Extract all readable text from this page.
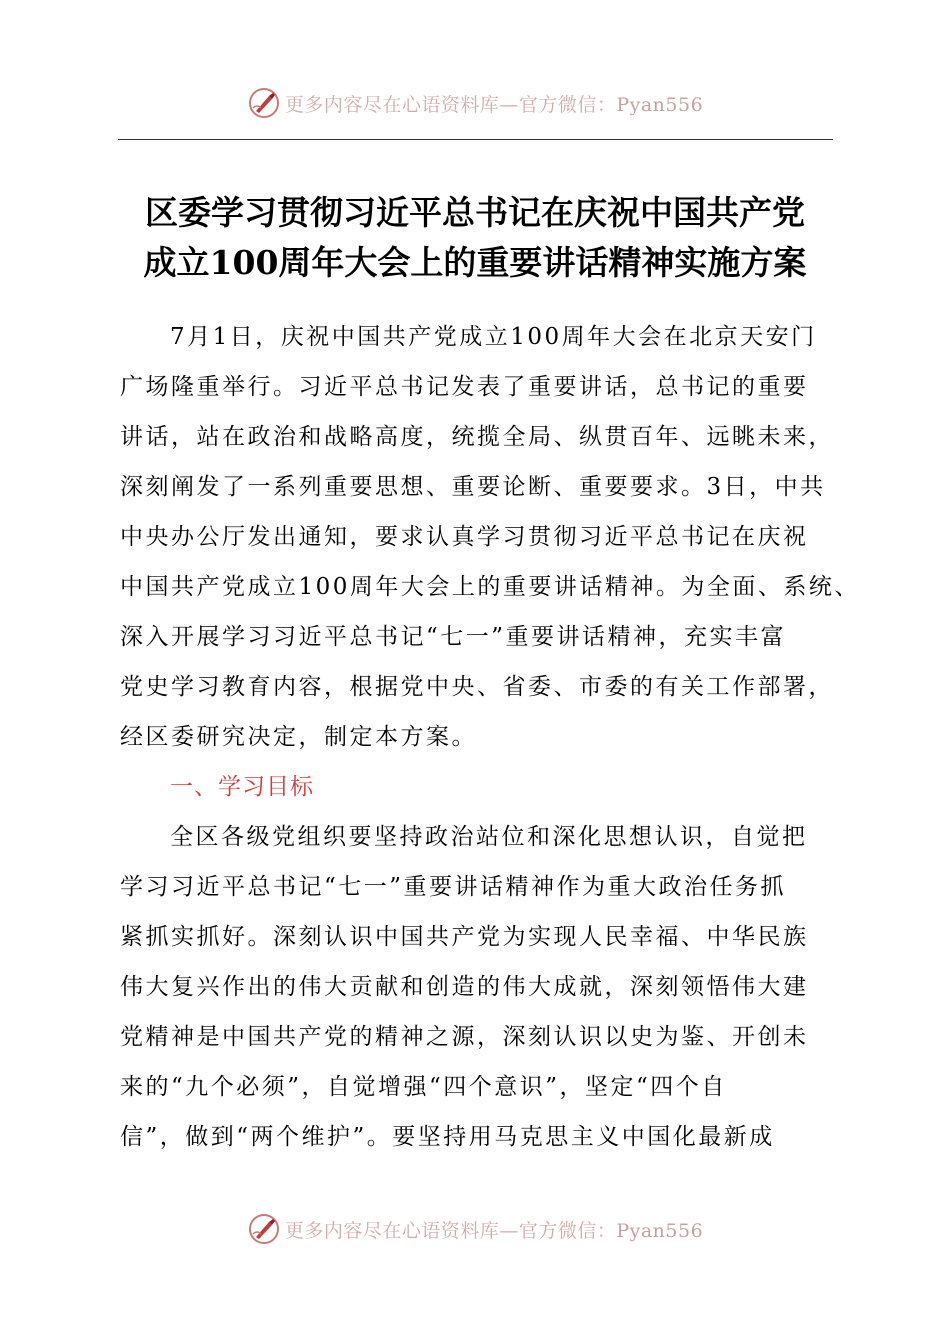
更多内容尽在心语资料库—官方微信：Pyan556
区委学习贯彻习近平总书记在庆祝中国共产党
成立100周年大会上的重要讲话精神实施方案

7月1日，庆祝中国共产党成立100周年大会在北京天安门
广场隆重举行。习近平总书记发表了重要讲话，总书记的重要
讲话，站在政治和战略高度，统揽全局、纵贯百年、远眺未来，
深刻阐发了一系列重要思想、重要论断、重要要求。3日，中共
中央办公厅发出通知，要求认真学习贯彻习近平总书记在庆祝
中国共产党成立100周年大会上的重要讲话精神。为全面、系统、
深入开展学习习近平总书记“七一”重要讲话精神，充实丰富
党史学习教育内容，根据党中央、省委、市委的有关工作部署，
经区委研究决定，制定本方案。

一、学习目标

全区各级党组织要坚持政治站位和深化思想认识，自觉把
学习习近平总书记“七一”重要讲话精神作为重大政治任务抓
紧抓实抓好。深刻认识中国共产党为实现人民幸福、中华民族
伟大复兴作出的伟大贡献和创造的伟大成就，深刻领悟伟大建
党精神是中国共产党的精神之源，深刻认识以史为鉴、开创未
来的“九个必须”，自觉增强“四个意识”，坚定“四个自
信”，做到“两个维护”。要坚持用马克思主义中国化最新成

更多内容尽在心语资料库—官方微信：Pyan556
